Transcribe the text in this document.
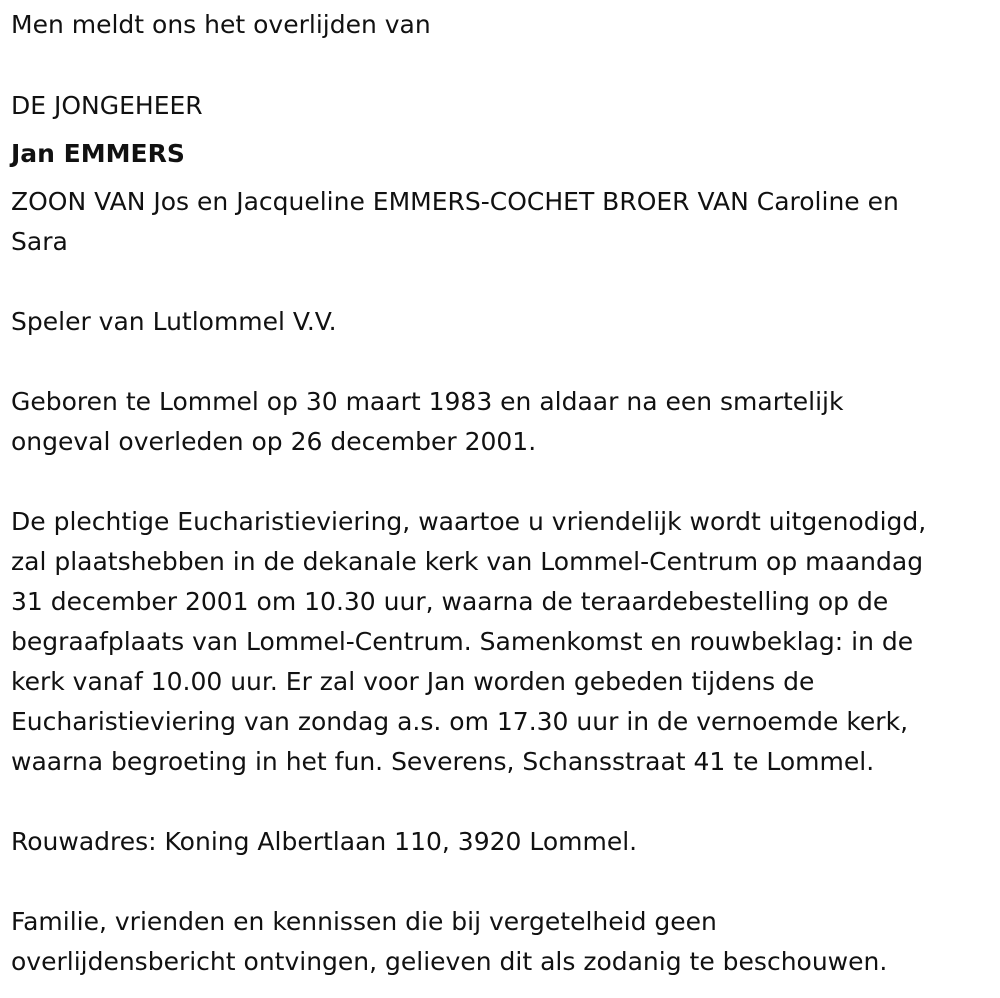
Men meldt ons het overlijden van
DE JONGEHEER
Jan EMMERS
ZOON VAN Jos en Jacqueline EMMERS-COCHET BROER VAN Caroline en
Sara
Speler van Lutlommel V.V.
Geboren te Lommel op 30 maart 1983 en aldaar na een smartelijk
ongeval overleden op 26 december 2001.
De plechtige Eucharistieviering, waartoe u vriendelijk wordt uitgenodigd,
zal plaatshebben in de dekanale kerk van Lommel-Centrum op maandag
31 december 2001 om 10.30 uur, waarna de teraardebestelling op de
begraafplaats van Lommel-Centrum. Samenkomst en rouwbeklag: in de
kerk vanaf 10.00 uur. Er zal voor Jan worden gebeden tijdens de
Eucharistieviering van zondag a.s. om 17.30 uur in de vernoemde kerk,
waarna begroeting in het fun. Severens, Schansstraat 41 te Lommel.
Rouwadres: Koning Albertlaan 110, 3920 Lommel.
Familie, vrienden en kennissen die bij vergetelheid geen
overlijdensbericht ontvingen, gelieven dit als zodanig te beschouwen.
